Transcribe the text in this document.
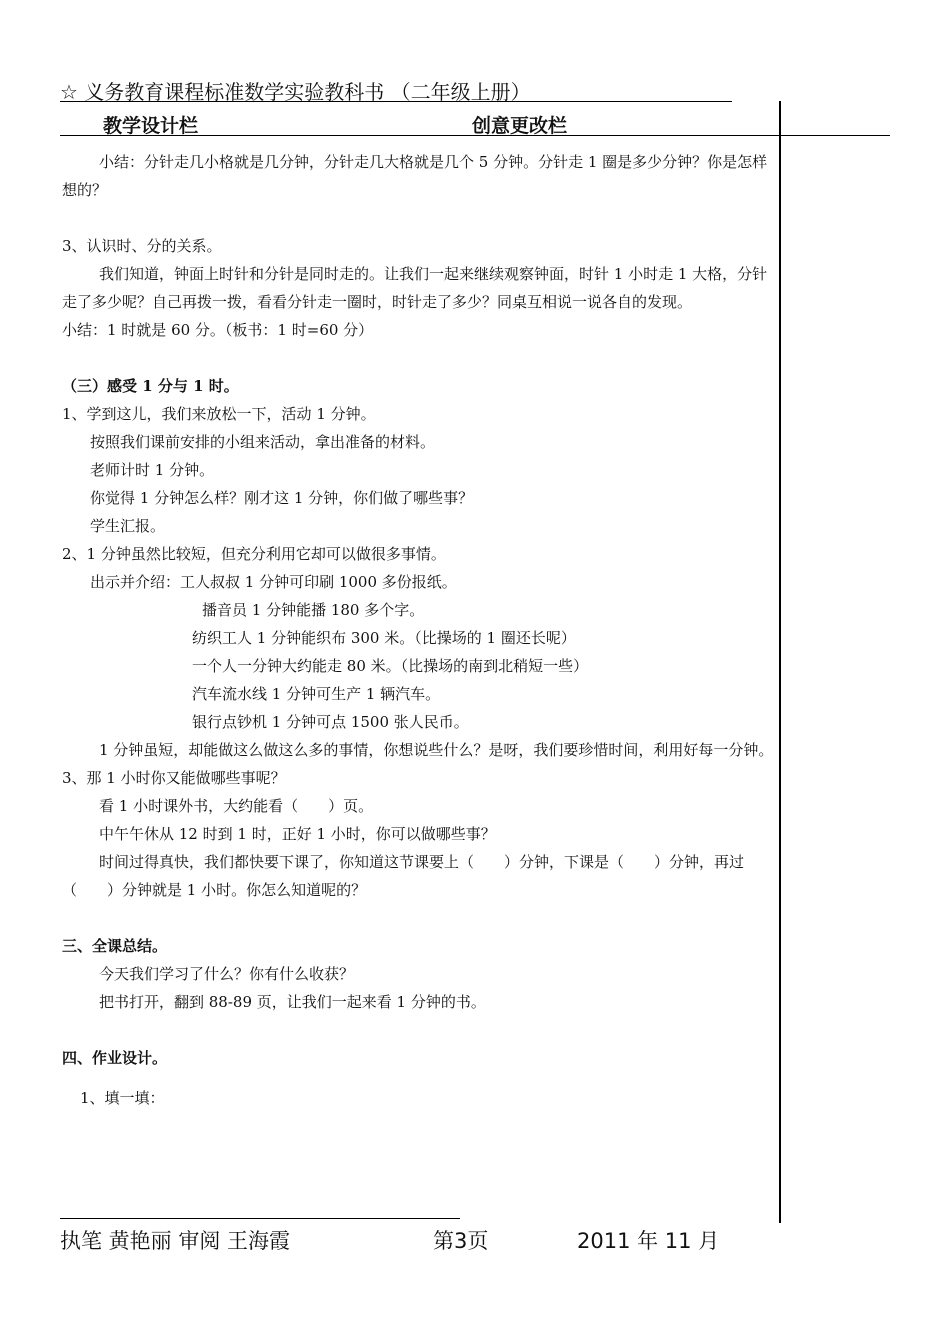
☆ 义务教育课程标准数学实验教科书 （二年级上册）
教学设计栏	创意更改栏

小结：分针走几小格就是几分钟，分针走几大格就是几个 5 分钟。分针走 1 圈是多少分钟？你是怎样想的？

3、认识时、分的关系。

我们知道，钟面上时针和分针是同时走的。让我们一起来继续观察钟面，时针 1 小时走 1 大格，分针走了多少呢？自己再拨一拨，看看分针走一圈时，时针走了多少？同桌互相说一说各自的发现。

小结：1 时就是 60 分。（板书：1 时=60 分）

（三）感受 1 分与 1 时。

1、学到这儿，我们来放松一下，活动 1 分钟。

按照我们课前安排的小组来活动，拿出准备的材料。

老师计时 1 分钟。

你觉得 1 分钟怎么样？刚才这 1 分钟，你们做了哪些事？

学生汇报。

2、1 分钟虽然比较短，但充分利用它却可以做很多事情。

出示并介绍：工人叔叔 1 分钟可印刷 1000 多份报纸。

播音员 1 分钟能播 180 多个字。

纺织工人 1 分钟能织布 300 米。（比操场的 1 圈还长呢）

一个人一分钟大约能走 80 米。（比操场的南到北稍短一些）

汽车流水线 1 分钟可生产 1 辆汽车。

银行点钞机 1 分钟可点 1500 张人民币。

1 分钟虽短，却能做这么做这么多的事情，你想说些什么？是呀，我们要珍惜时间，利用好每一分钟。

3、那 1 小时你又能做哪些事呢？

看 1 小时课外书，大约能看（　　）页。

中午午休从 12 时到 1 时，正好 1 小时，你可以做哪些事？

时间过得真快，我们都快要下课了，你知道这节课要上（　　）分钟，下课是（　　）分钟，再过（　　）分钟就是 1 小时。你怎么知道呢的？

三、全课总结。

今天我们学习了什么？你有什么收获？

把书打开，翻到 88-89 页，让我们一起来看 1 分钟的书。

四、作业设计。

1、填一填：

执笔 黄艳丽 审阅 王海霞	第3页	2011 年 11 月
